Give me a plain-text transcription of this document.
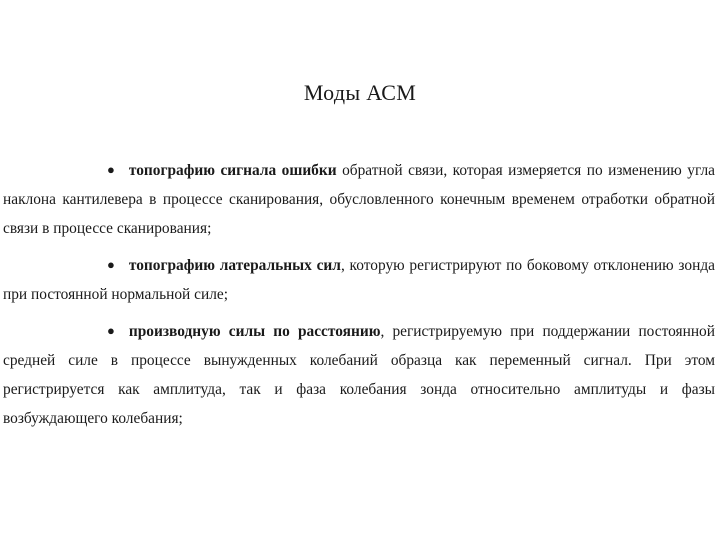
Моды АСМ

● топографию сигнала ошибки обратной связи, которая измеряется по изменению угла наклона кантилевера в процессе сканирования, обусловленного конечным временем отработки обратной связи в процессе сканирования;

● топографию латеральных сил, которую регистрируют по боковому отклонению зонда при постоянной нормальной силе;

● производную силы по расстоянию, регистрируемую при поддержании постоянной средней силе в процессе вынужденных колебаний образца как переменный сигнал. При этом регистрируется как амплитуда, так и фаза колебания зонда относительно амплитуды и фазы возбуждающего колебания;
